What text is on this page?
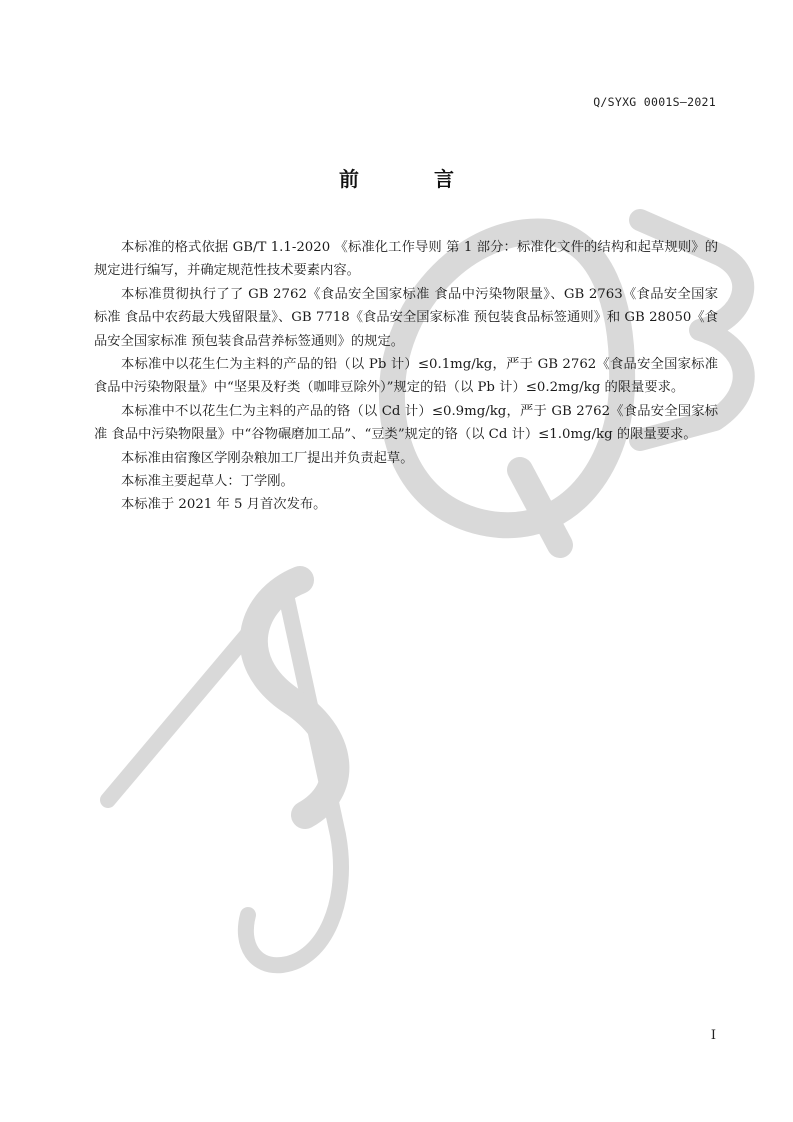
Q/SYXG 0001S—2021
前 言

本标准的格式依据 GB/T 1.1-2020 《标准化工作导则 第 1 部分：标准化文件的结构和起草规则》的规定进行编写，并确定规范性技术要素内容。

本标准贯彻执行了了 GB 2762《食品安全国家标准 食品中污染物限量》、GB 2763《食品安全国家标准 食品中农药最大残留限量》、GB 7718《食品安全国家标准 预包装食品标签通则》和 GB 28050《食品安全国家标准 预包装食品营养标签通则》的规定。

本标准中以花生仁为主料的产品的铅（以 Pb 计）≤0.1mg/kg，严于 GB 2762《食品安全国家标准 食品中污染物限量》中“坚果及籽类（咖啡豆除外）”规定的铅（以 Pb 计）≤0.2mg/kg 的限量要求。

本标准中不以花生仁为主料的产品的铬（以 Cd 计）≤0.9mg/kg，严于 GB 2762《食品安全国家标准 食品中污染物限量》中“谷物碾磨加工品”、“豆类”规定的铬（以 Cd 计）≤1.0mg/kg 的限量要求。

本标准由宿豫区学刚杂粮加工厂提出并负责起草。

本标准主要起草人：丁学刚。

本标准于 2021 年 5 月首次发布。

I
